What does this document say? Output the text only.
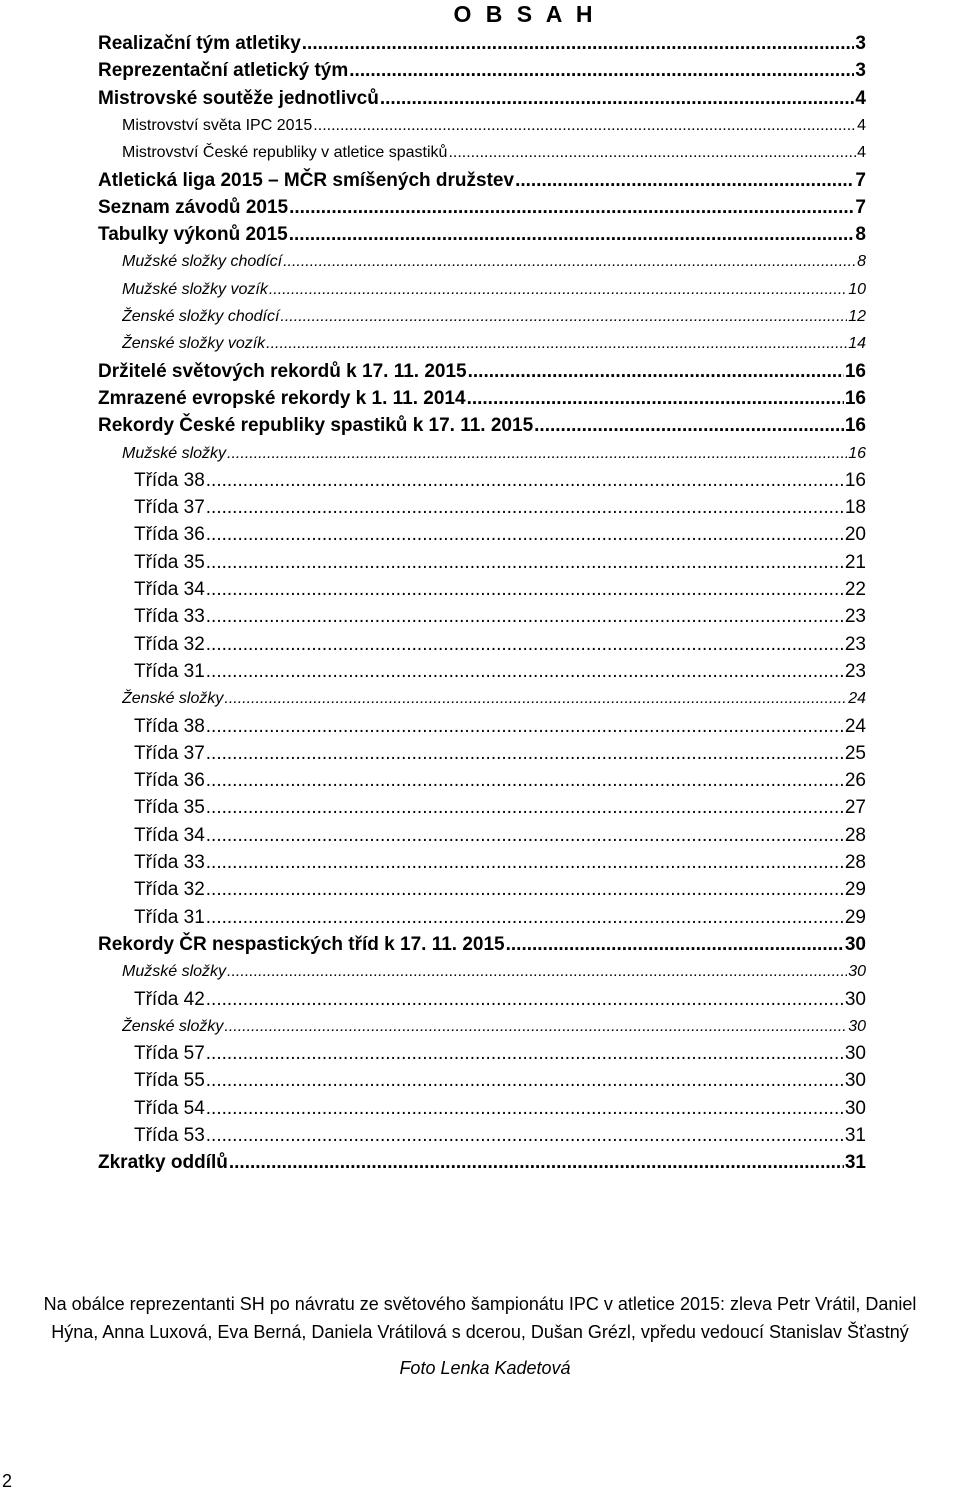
O B S A H
Realizační tým atletiky .....	3
Reprezentační atletický tým .....	3
Mistrovské soutěže jednotlivců .....	4
Mistrovství světa IPC 2015 .....	4
Mistrovství České republiky v atletice spastiků .....	4
Atletická liga 2015 – MČR smíšených družstev .....	7
Seznam závodů 2015 .....	7
Tabulky výkonů 2015 .....	8
Mužské složky chodící .....	8
Mužské složky vozík .....	10
Ženské složky chodící .....	12
Ženské složky vozík .....	14
Držitelé světových rekordů k 17. 11. 2015 .....	16
Zmrazené evropské rekordy k 1. 11. 2014 .....	16
Rekordy České republiky spastiků k 17. 11. 2015 .....	16
Mužské složky .....	16
Třída 38 .....	16
Třída 37 .....	18
Třída 36 .....	20
Třída 35 .....	21
Třída 34 .....	22
Třída 33 .....	23
Třída 32 .....	23
Třída 31 .....	23
Ženské složky .....	24
Třída 38 .....	24
Třída 37 .....	25
Třída 36 .....	26
Třída 35 .....	27
Třída 34 .....	28
Třída 33 .....	28
Třída 32 .....	29
Třída 31 .....	29
Rekordy ČR nespastických tříd k 17. 11. 2015 .....	30
Mužské složky .....	30
Třída 42 .....	30
Ženské složky .....	30
Třída 57 .....	30
Třída 55 .....	30
Třída 54 .....	30
Třída 53 .....	31
Zkratky oddílů .....	31
Na obálce reprezentanti SH po návratu ze světového šampionátu IPC v atletice 2015: zleva Petr Vrátil, Daniel
Hýna, Anna Luxová, Eva Berná, Daniela Vrátilová s dcerou, Dušan Grézl, vpředu vedoucí Stanislav Šťastný
Foto Lenka Kadetová
2
